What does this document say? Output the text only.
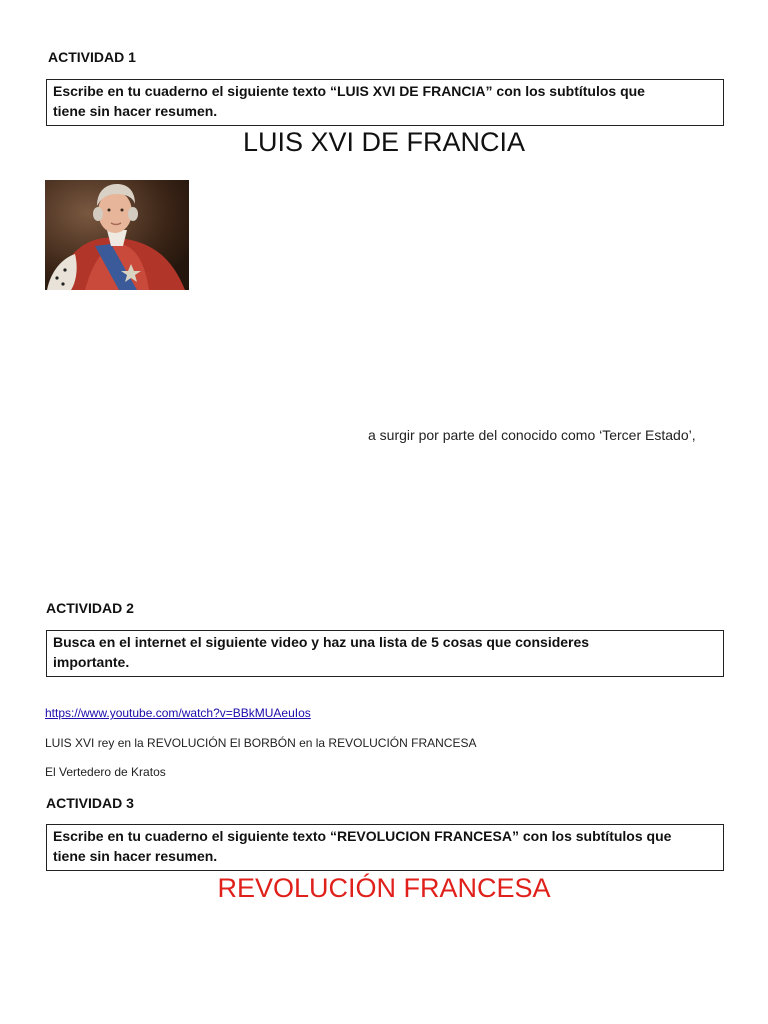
ACTIVIDAD 1
Escribe en tu cuaderno el siguiente texto “LUIS XVI DE FRANCIA” con los subtítulos que
tiene sin hacer resumen.
LUIS XVI DE FRANCIA
a surgir por parte del conocido como ‘Tercer Estado’,
ACTIVIDAD 2
Busca en el internet el siguiente video y haz una lista de 5 cosas que consideres
importante.
https://www.youtube.com/watch?v=BBkMUAeuIos
LUIS XVI rey en la REVOLUCIÓN El BORBÓN en la REVOLUCIÓN FRANCESA
El Vertedero de Kratos
ACTIVIDAD 3
Escribe en tu cuaderno el siguiente texto “REVOLUCION FRANCESA” con los subtítulos que
tiene sin hacer resumen.
REVOLUCIÓN FRANCESA
